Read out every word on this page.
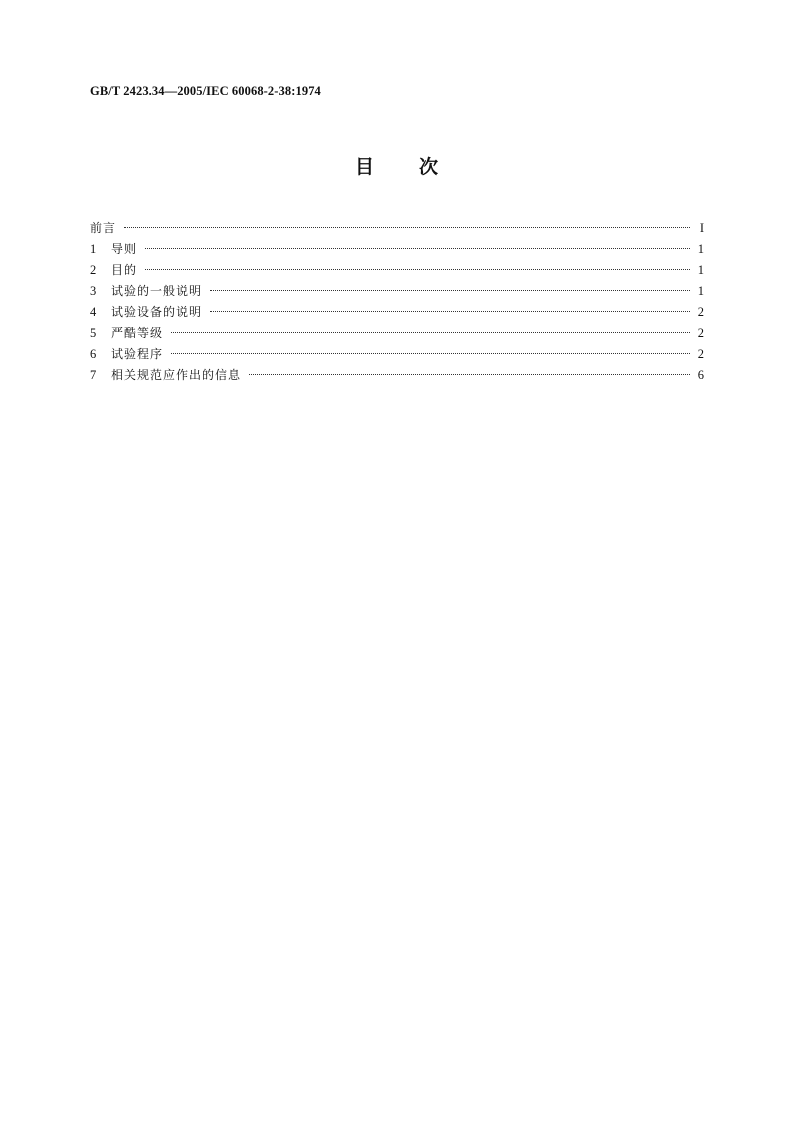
GB/T 2423.34—2005/IEC 60068-2-38:1974
目 次
前言	I
1	导则	1
2	目的	1
3	试验的一般说明	1
4	试验设备的说明	2
5	严酷等级	2
6	试验程序	2
7	相关规范应作出的信息	6
